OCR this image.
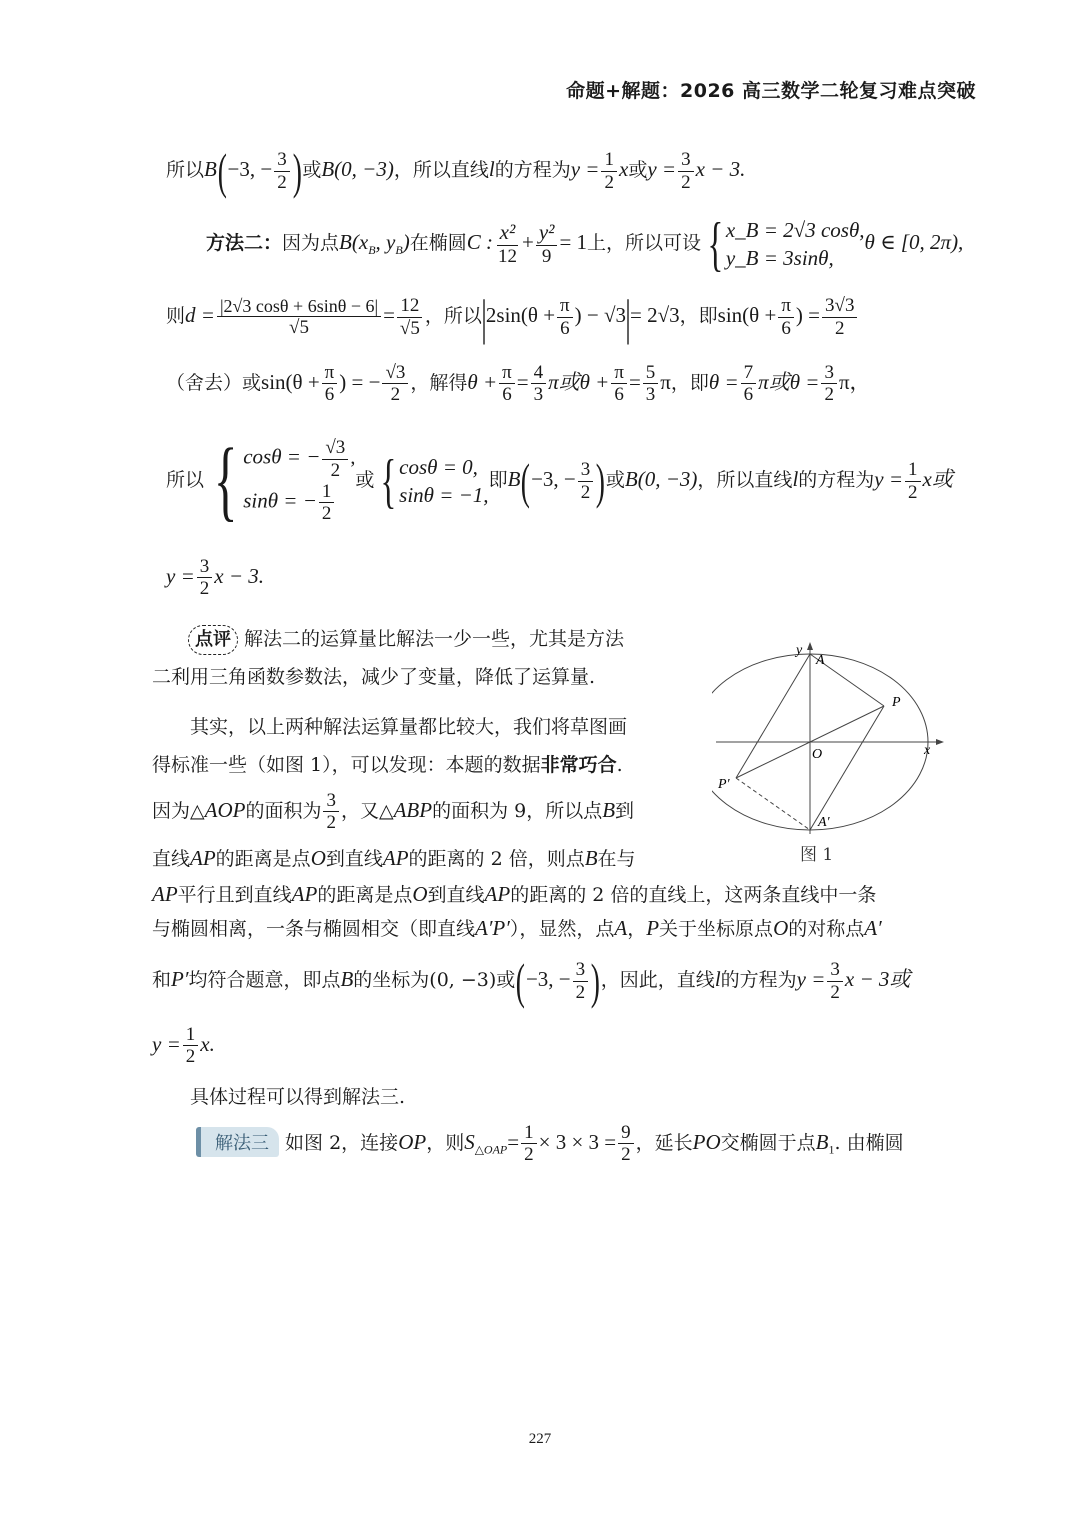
命题+解题：2026 高三数学二轮复习难点突破
所以B(−3, − $\frac{3}{2}$ )或B(0, −3)，所以直线l的方程为$y = \frac{1}{2}$ x或$y = \frac{3}{2}$ x − 3.
方法二：因为点$B(x_B$, $y_B$)在椭圆C : $\frac{\text{x²}}{12} + \frac{\text{y²}}{9} = 1$上，所以可设 { x_B = 2√3 cosθ,
y_B = 3sinθ,
θ ∈ [0, 2π),
则$d = \frac{|2√3 \cos\theta + 6\sin\theta - 6|}{√5} = \frac{12}{√5}$ ，所以$|2\sin(\theta + \frac{\pi}{6}$ ) − √3|= 2√3，即$\sin(\theta + \frac{\pi}{6}$ ) = $\frac{3√3}{2}$
（舍去）或$\sin(\theta + \frac{\pi}{6}$ ) = − $\frac{√3}{2}$ ，解得$\theta + \frac{\pi}{6} = \frac{4}{3}$ π或$\theta + \frac{\pi}{6} = \frac{5}{3}$ π，即$\theta = \frac{7}{6}$ π或$\theta = \frac{3}{2}$ π，
所以 { cosθ = − $\frac{√3}{2}$ ,
sinθ = − $\frac{1}{2}$
或 { cosθ = 0,
sinθ = −1,
即B(−3, − $\frac{3}{2}$ )或B(0, −3)，所以直线l的方程为$y = \frac{1}{2}$ x或
$y = \frac{3}{2}$ x − 3.
点评 解法二的运算量比解法一少一些，尤其是方法
二利用三角函数参数法，减少了变量，降低了运算量.
y
x
A
P
O
P′
A′
图 1
其实，以上两种解法运算量都比较大，我们将草图画
得标准一些（如图 1），可以发现：本题的数据非常巧合.
因为△AOP的面积为 $\frac{3}{2}$ ，又△ABP的面积为 9，所以点B到
直线AP的距离是点O到直线AP的距离的 2 倍，则点B在与
AP平行且到直线AP的距离是点O到直线AP的距离的 2 倍的直线上，这两条直线中一条
与椭圆相离，一条与椭圆相交（即直线A′P′），显然，点A，P关于坐标原点O的对称点A′
和P′均符合题意，即点B的坐标为(0, −3)或(−3, − $\frac{3}{2}$ )，因此，直线l的方程为$y = \frac{3}{2}$ x − 3或
$y = \frac{1}{2} x$.
具体过程可以得到解法三.
解法三 如图 2，连接OP，则$S_{\triangle OAP}= \frac{1}{2} \times 3 \times 3 = \frac{9}{2}$ ，延长PO交椭圆于点$B_1$. 由椭圆
227
